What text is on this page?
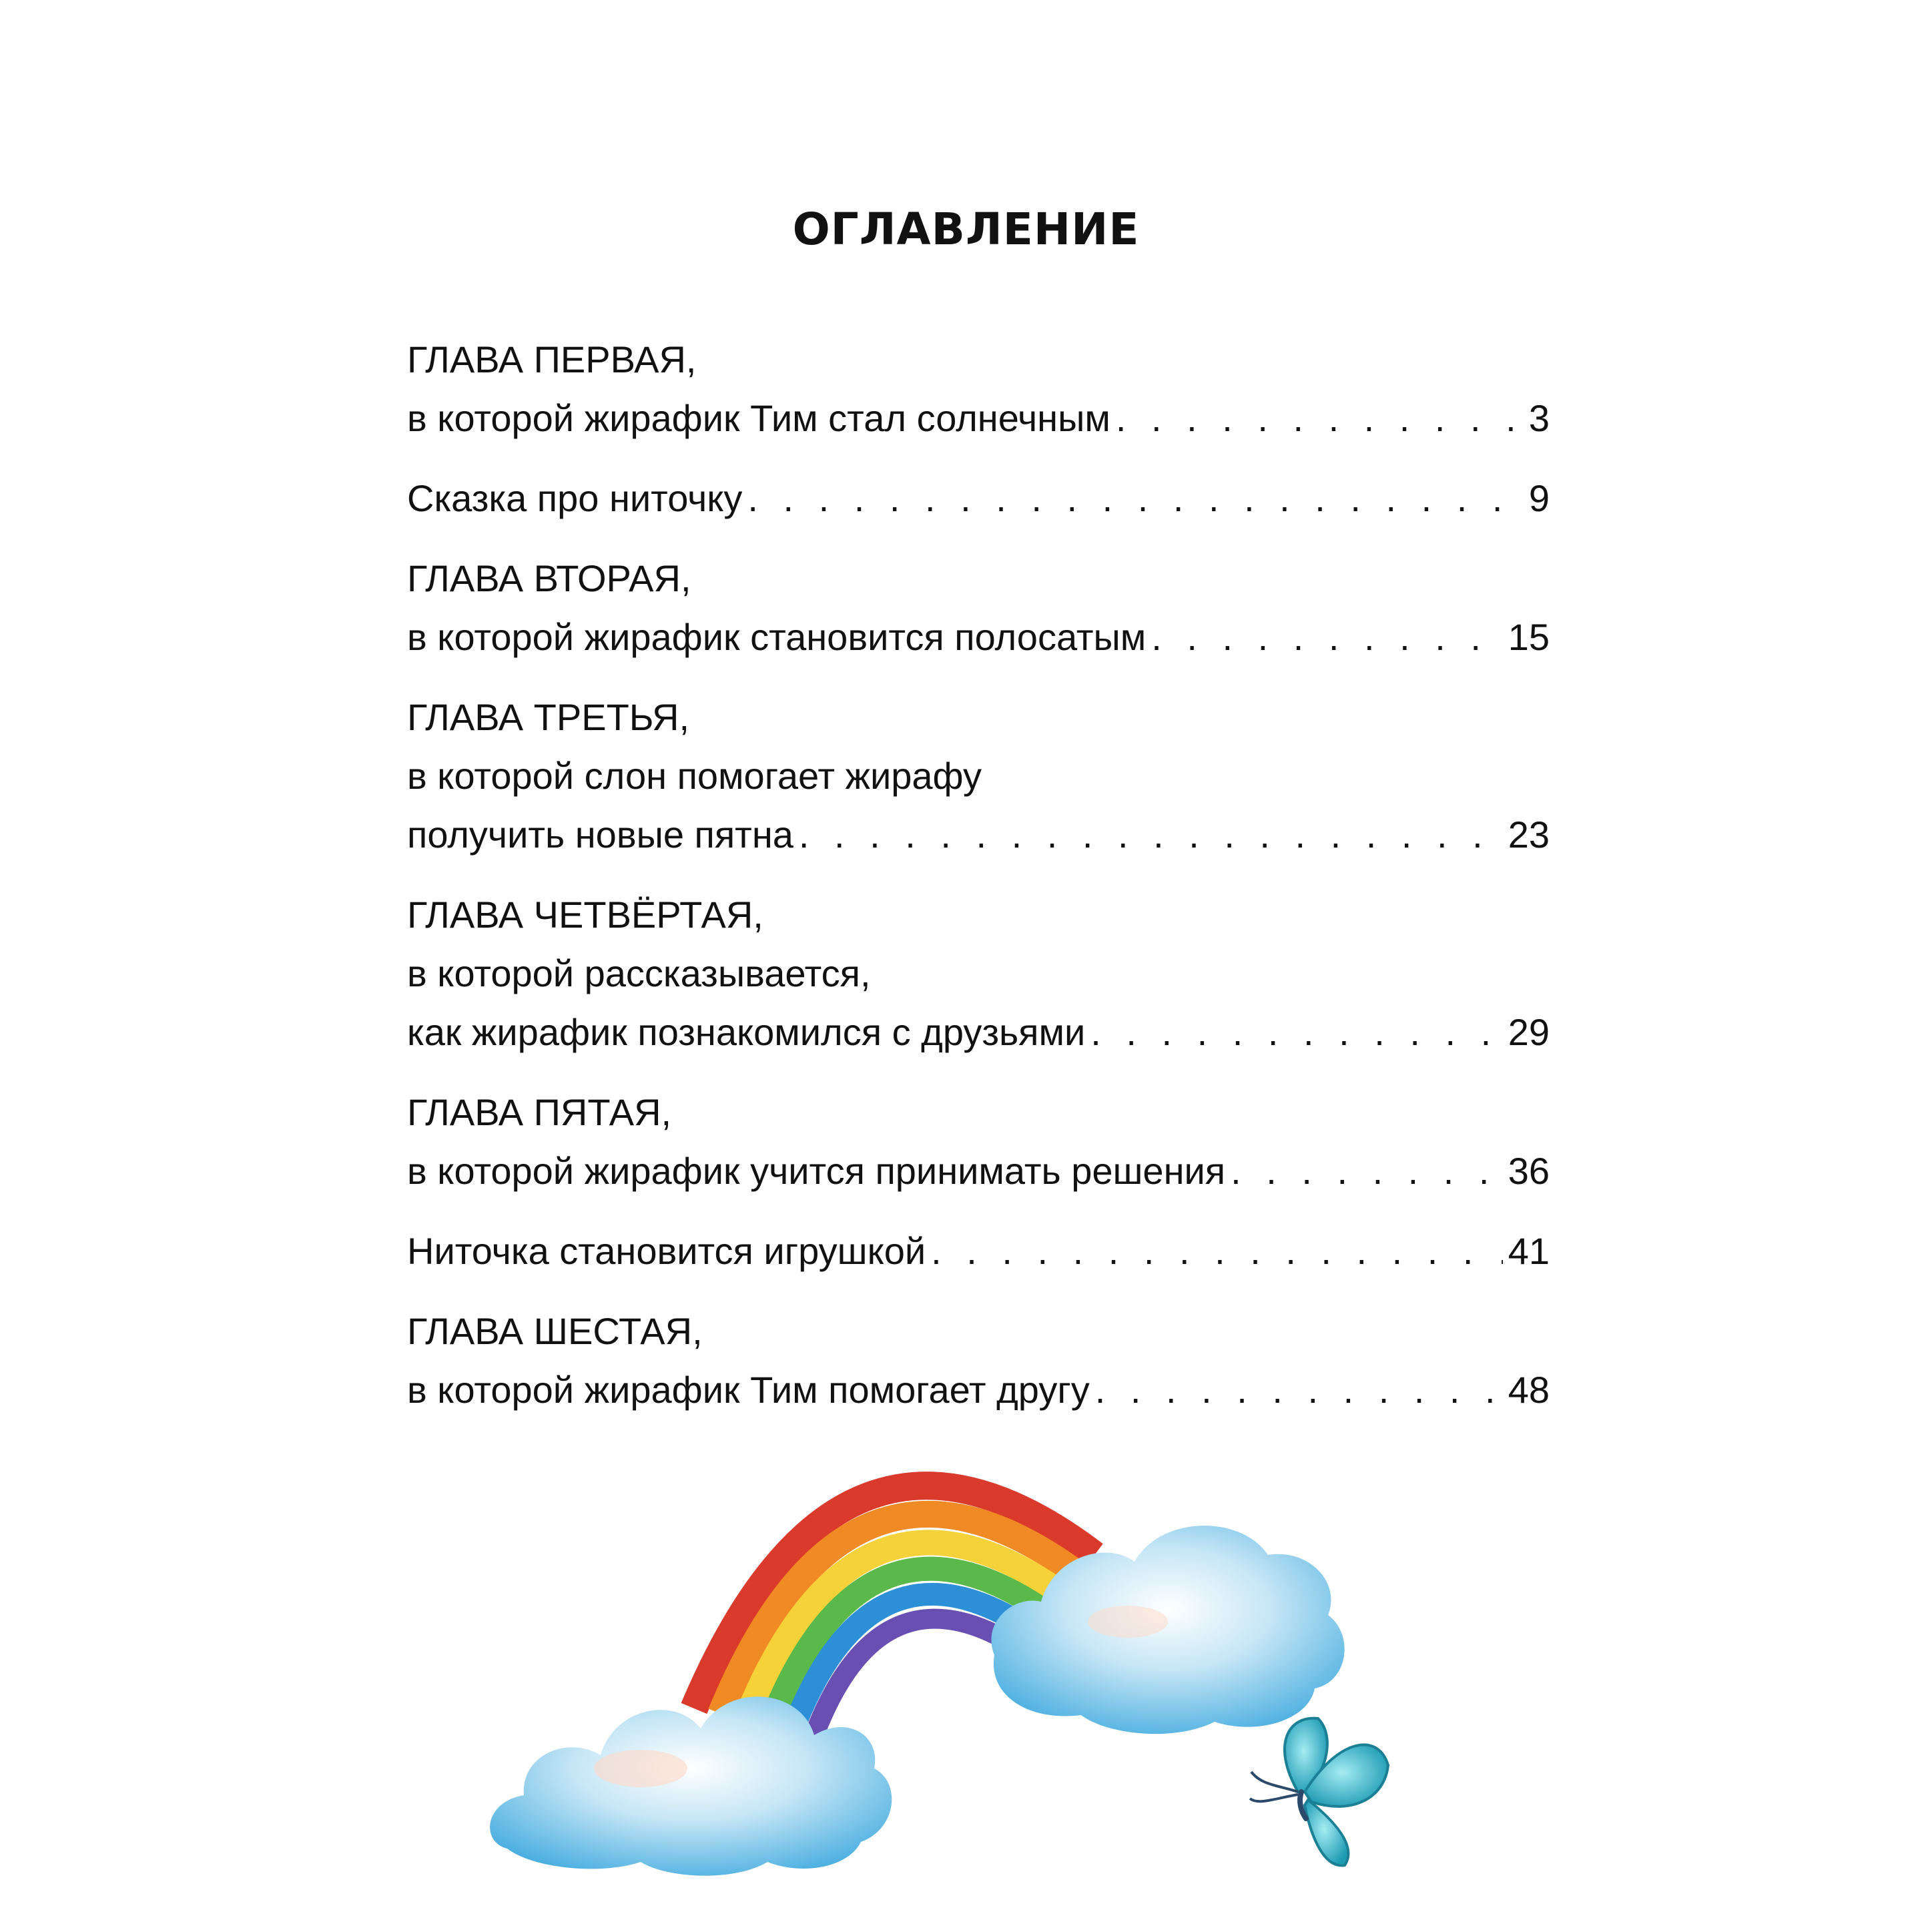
ОГЛАВЛЕНИЕ
ГЛАВА ПЕРВАЯ,
в которой жирафик Тим стал солнечным . . .	3
Сказка про ниточку . . .	9
ГЛАВА ВТОРАЯ,
в которой жирафик становится полосатым . . .	15
ГЛАВА ТРЕТЬЯ,
в которой слон помогает жирафу
получить новые пятна . . .	23
ГЛАВА ЧЕТВЁРТАЯ,
в которой рассказывается,
как жирафик познакомился с друзьями . . .	29
ГЛАВА ПЯТАЯ,
в которой жирафик учится принимать решения . . .	36
Ниточка становится игрушкой . . .	41
ГЛАВА ШЕСТАЯ,
в которой жирафик Тим помогает другу . . .	48
